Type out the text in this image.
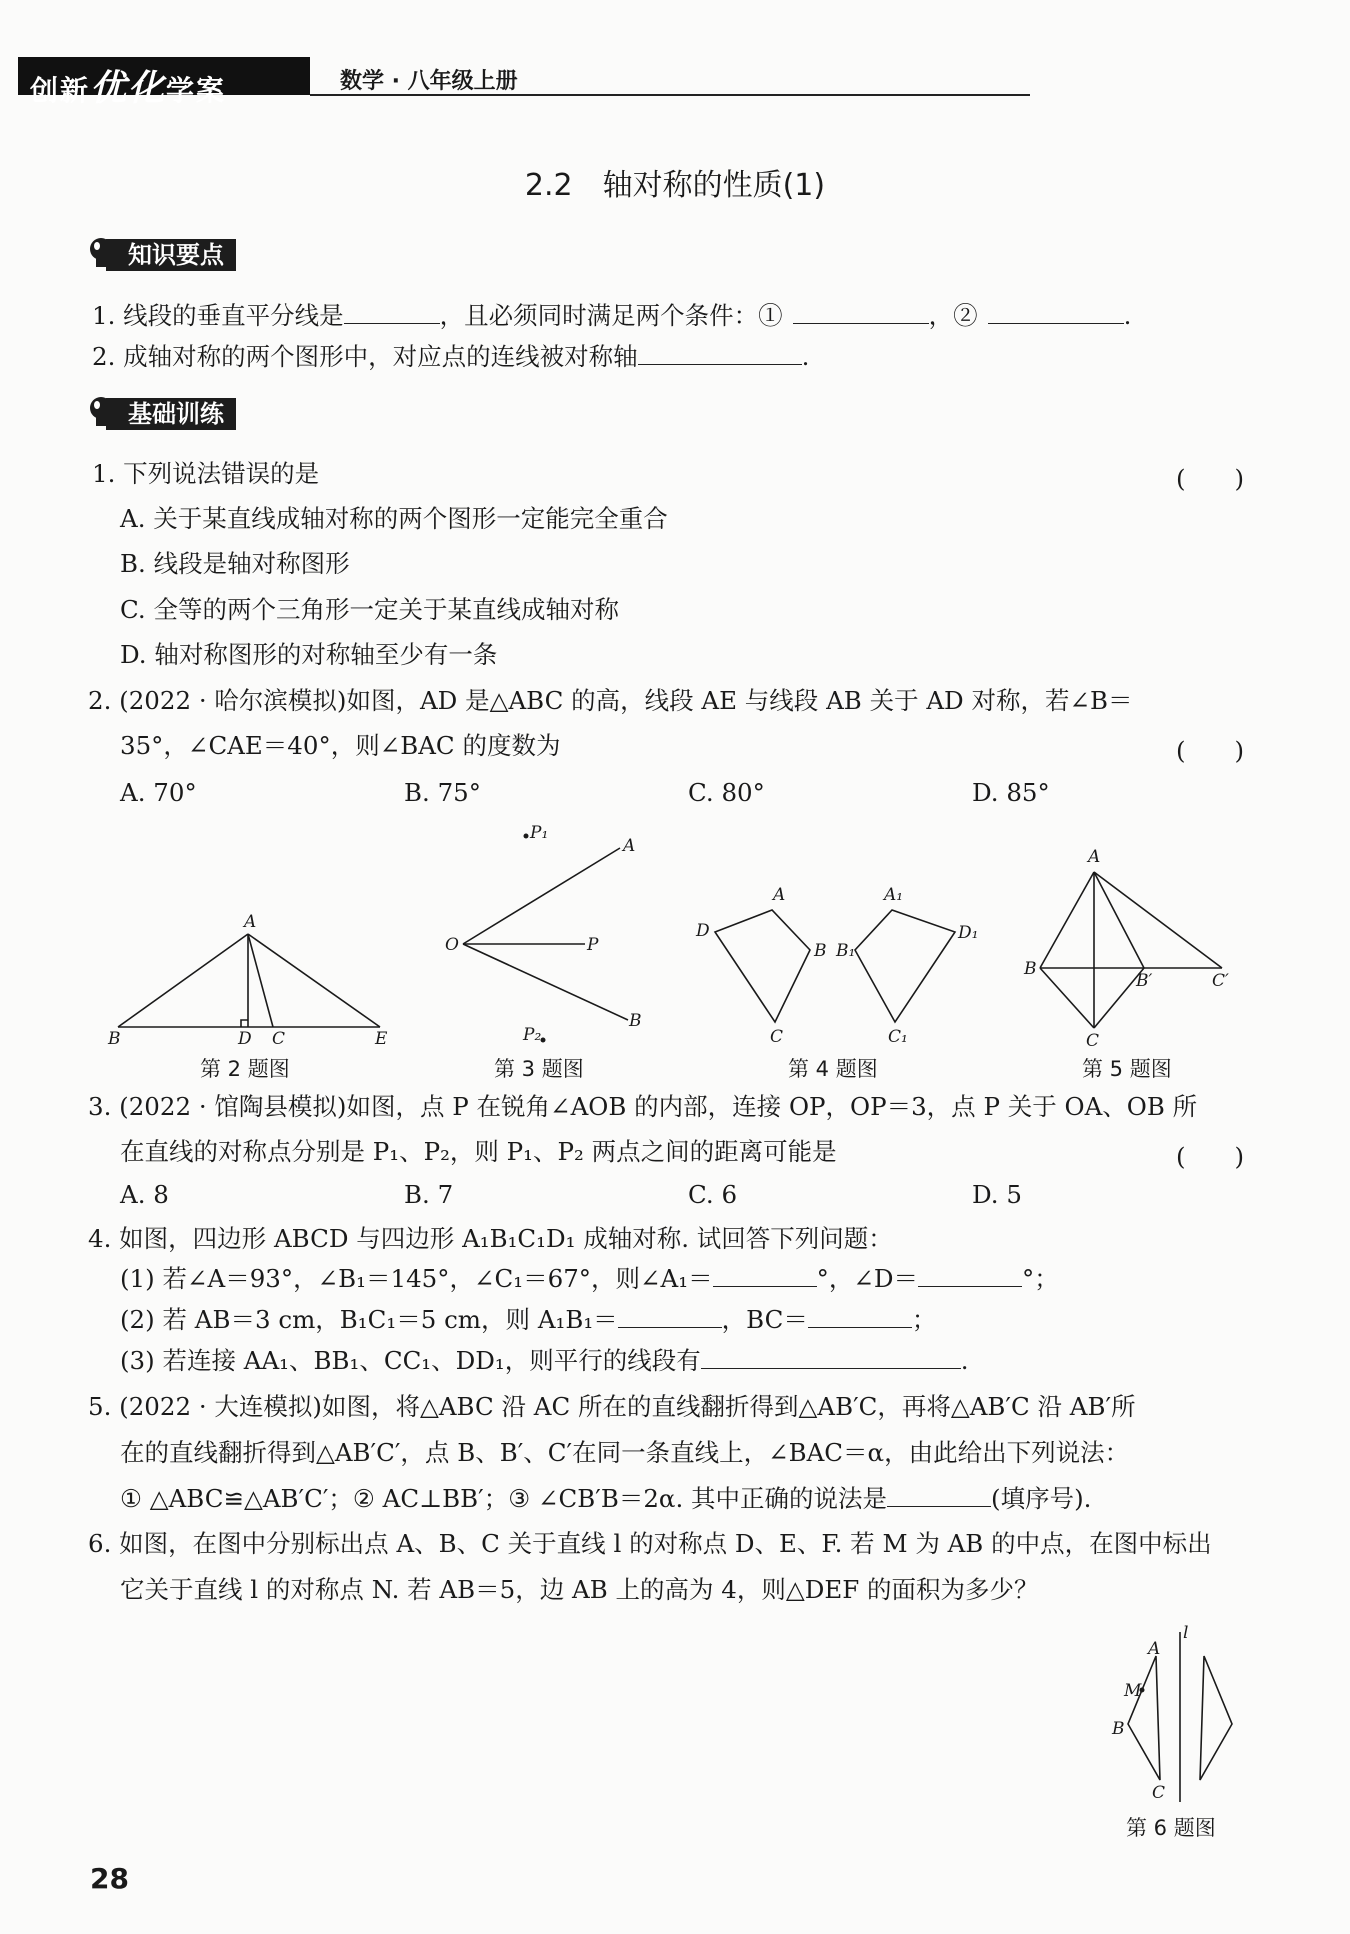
创新优化学案	数学 · 八年级上册
2.2　轴对称的性质(1)
知识要点
1. 线段的垂直平分线是	，且必须同时满足两个条件：①	，②	.
2. 成轴对称的两个图形中，对应点的连线被对称轴	.
基础训练
1. 下列说法错误的是	(　　)
A. 关于某直线成轴对称的两个图形一定能完全重合
B. 线段是轴对称图形
C. 全等的两个三角形一定关于某直线成轴对称
D. 轴对称图形的对称轴至少有一条
2. (2022 · 哈尔滨模拟)如图，AD 是△ABC 的高，线段 AE 与线段 AB 关于 AD 对称，若∠B＝
35°，∠CAE＝40°，则∠BAC 的度数为	(　　)
A. 70°	B. 75°	C. 80°	D. 85°
A
B	D C	E
P₁
A
O	P
P₂
B
A
D
B
C
A₁
B₁
D₁
C₁
A
B
B′	C′
C
第 2 题图	第 3 题图	第 4 题图	第 5 题图
3. (2022 · 馆陶县模拟)如图，点 P 在锐角∠AOB 的内部，连接 OP，OP＝3，点 P 关于 OA、OB 所
在直线的对称点分别是 P₁、P₂，则 P₁、P₂ 两点之间的距离可能是	(　　)
A. 8	B. 7	C. 6	D. 5
4. 如图，四边形 ABCD 与四边形 A₁B₁C₁D₁ 成轴对称. 试回答下列问题：
(1) 若∠A＝93°，∠B₁＝145°，∠C₁＝67°，则∠A₁＝	°，∠D＝	°；
(2) 若 AB＝3 cm，B₁C₁＝5 cm，则 A₁B₁＝	，BC＝	；
(3) 若连接 AA₁、BB₁、CC₁、DD₁，则平行的线段有	.
5. (2022 · 大连模拟)如图，将△ABC 沿 AC 所在的直线翻折得到△AB′C，再将△AB′C 沿 AB′所
在的直线翻折得到△AB′C′，点 B、B′、C′在同一条直线上，∠BAC＝α，由此给出下列说法：
① △ABC≌△AB′C′；② AC⊥BB′；③ ∠CB′B＝2α. 其中正确的说法是	(填序号).
6. 如图，在图中分别标出点 A、B、C 关于直线 l 的对称点 D、E、F. 若 M 为 AB 的中点，在图中标出
它关于直线 l 的对称点 N. 若 AB＝5，边 AB 上的高为 4，则△DEF 的面积为多少？
l
A
M
B
C
第 6 题图
28
